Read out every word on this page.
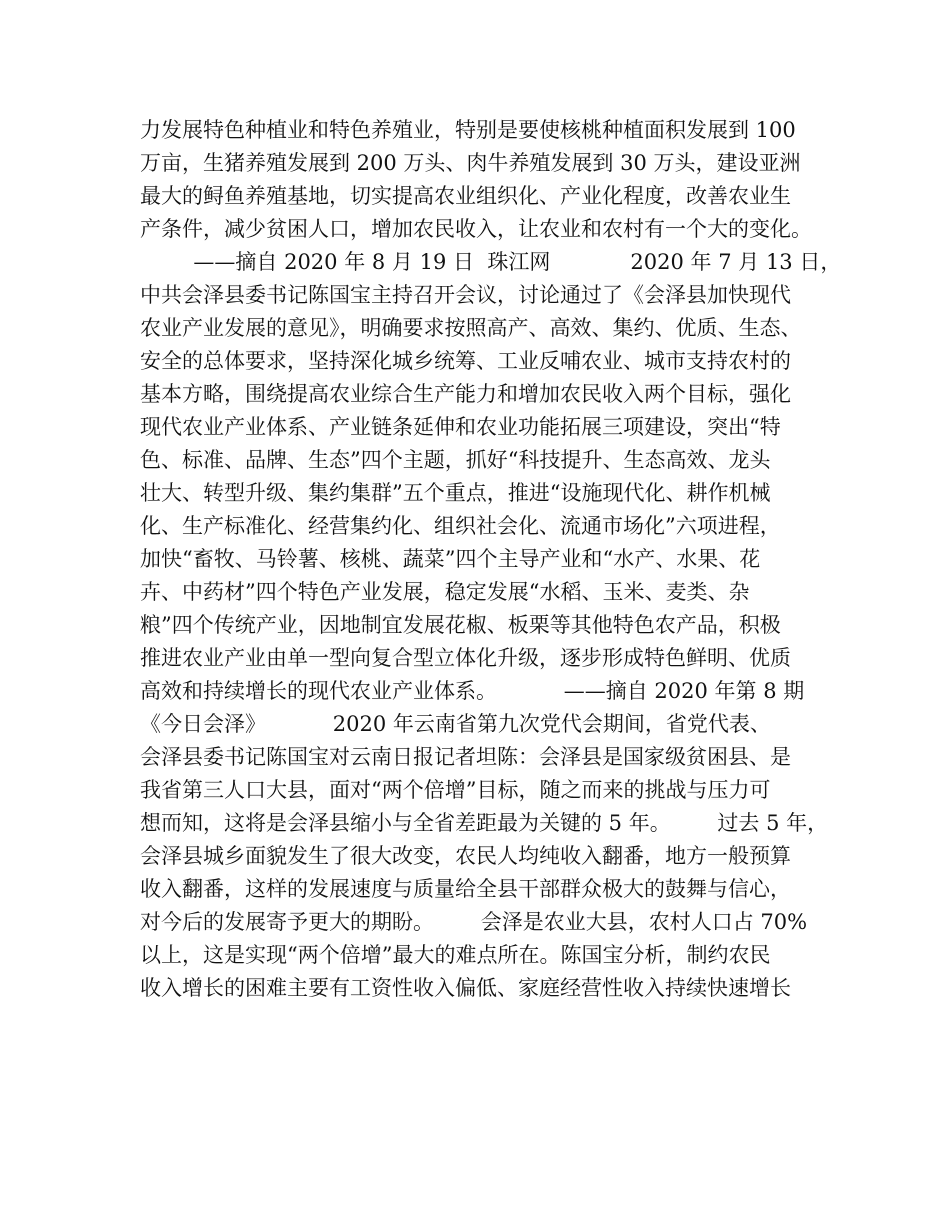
力发展特色种植业和特色养殖业，特别是要使核桃种植面积发展到 100
万亩，生猪养殖发展到 200 万头、肉牛养殖发展到 30 万头，建设亚洲
最大的鲟鱼养殖基地，切实提高农业组织化、产业化程度，改善农业生
产条件，减少贫困人口，增加农民收入，让农业和农村有一个大的变化。
——摘自 2020 年 8 月 19 日  珠江网            2020 年 7 月 13 日，
中共会泽县委书记陈国宝主持召开会议，讨论通过了《会泽县加快现代
农业产业发展的意见》，明确要求按照高产、高效、集约、优质、生态、
安全的总体要求，坚持深化城乡统筹、工业反哺农业、城市支持农村的
基本方略，围绕提高农业综合生产能力和增加农民收入两个目标，强化
现代农业产业体系、产业链条延伸和农业功能拓展三项建设，突出“特
色、标准、品牌、生态”四个主题，抓好“科技提升、生态高效、龙头
壮大、转型升级、集约集群”五个重点，推进“设施现代化、耕作机械
化、生产标准化、经营集约化、组织社会化、流通市场化”六项进程，
加快“畜牧、马铃薯、核桃、蔬菜”四个主导产业和“水产、水果、花
卉、中药材”四个特色产业发展，稳定发展“水稻、玉米、麦类、杂
粮”四个传统产业，因地制宜发展花椒、板栗等其他特色农产品，积极
推进农业产业由单一型向复合型立体化升级，逐步形成特色鲜明、优质
高效和持续增长的现代农业产业体系。          ——摘自 2020 年第 8 期
《今日会泽》          2020 年云南省第九次党代会期间，省党代表、
会泽县委书记陈国宝对云南日报记者坦陈：会泽县是国家级贫困县、是
我省第三人口大县，面对“两个倍增”目标，随之而来的挑战与压力可
想而知，这将是会泽县缩小与全省差距最为关键的 5 年。       过去 5 年，
会泽县城乡面貌发生了很大改变，农民人均纯收入翻番，地方一般预算
收入翻番，这样的发展速度与质量给全县干部群众极大的鼓舞与信心，
对今后的发展寄予更大的期盼。       会泽是农业大县，农村人口占 70%
以上，这是实现“两个倍增”最大的难点所在。陈国宝分析，制约农民
收入增长的困难主要有工资性收入偏低、家庭经营性收入持续快速增长
